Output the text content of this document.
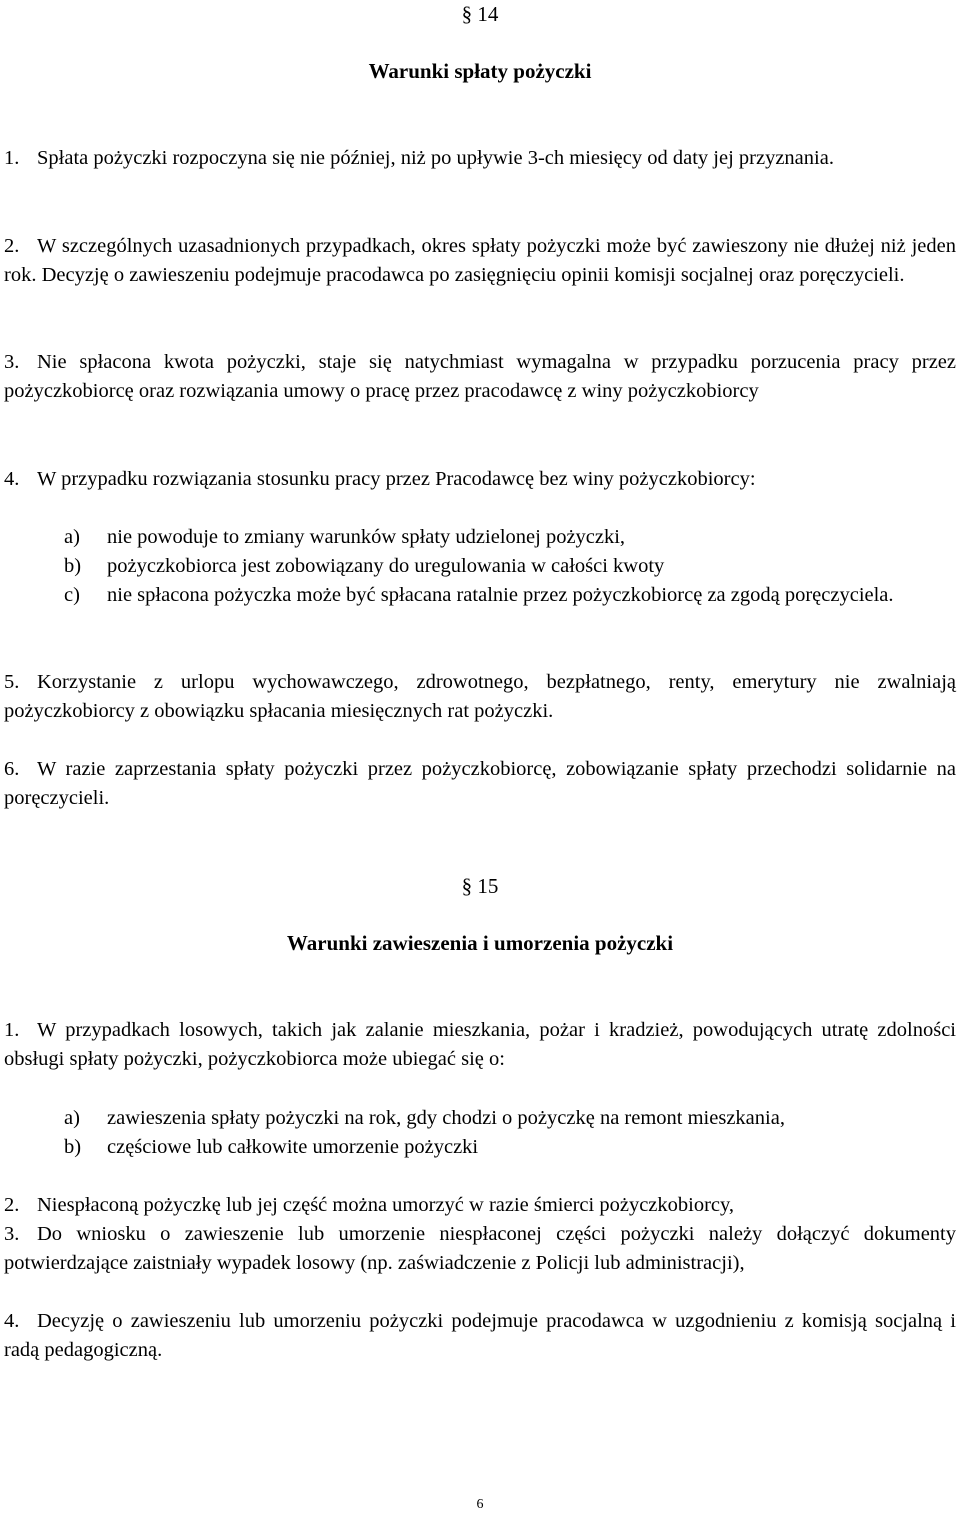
§ 14
Warunki spłaty pożyczki
1. Spłata pożyczki rozpoczyna się nie później, niż po upływie 3-ch miesięcy od daty jej przyznania.
2. W szczególnych uzasadnionych przypadkach, okres spłaty pożyczki może być zawieszony nie dłużej niż jeden rok. Decyzję o zawieszeniu podejmuje pracodawca po zasięgnięciu opinii komisji socjalnej oraz poręczycieli.
3. Nie spłacona kwota pożyczki, staje się natychmiast wymagalna w przypadku porzucenia pracy przez pożyczkobiorcę oraz rozwiązania umowy o pracę przez pracodawcę z winy pożyczkobiorcy
4. W przypadku rozwiązania stosunku pracy przez Pracodawcę bez winy pożyczkobiorcy:
a)	nie powoduje to zmiany warunków spłaty udzielonej pożyczki,
b)	pożyczkobiorca jest zobowiązany do uregulowania w całości kwoty
c)	nie spłacona pożyczka może być spłacana ratalnie przez pożyczkobiorcę za zgodą poręczyciela.
5. Korzystanie z urlopu wychowawczego, zdrowotnego, bezpłatnego, renty, emerytury nie zwalniają pożyczkobiorcy z obowiązku spłacania miesięcznych rat pożyczki.
6. W razie zaprzestania spłaty pożyczki przez pożyczkobiorcę, zobowiązanie spłaty przechodzi solidarnie na poręczycieli.
§ 15
Warunki zawieszenia i umorzenia pożyczki
1. W przypadkach losowych, takich jak zalanie mieszkania, pożar i kradzież, powodujących utratę zdolności obsługi spłaty pożyczki, pożyczkobiorca może ubiegać się o:
a)	zawieszenia spłaty pożyczki na rok, gdy chodzi o pożyczkę na remont mieszkania,
b)	częściowe lub całkowite umorzenie pożyczki
2. Niespłaconą pożyczkę lub jej część można umorzyć w razie śmierci pożyczkobiorcy,
3. Do wniosku o zawieszenie lub umorzenie niespłaconej części pożyczki należy dołączyć dokumenty potwierdzające zaistniały wypadek losowy (np. zaświadczenie z Policji lub administracji),
4. Decyzję o zawieszeniu lub umorzeniu pożyczki podejmuje pracodawca w uzgodnieniu z komisją socjalną i radą pedagogiczną.
6
